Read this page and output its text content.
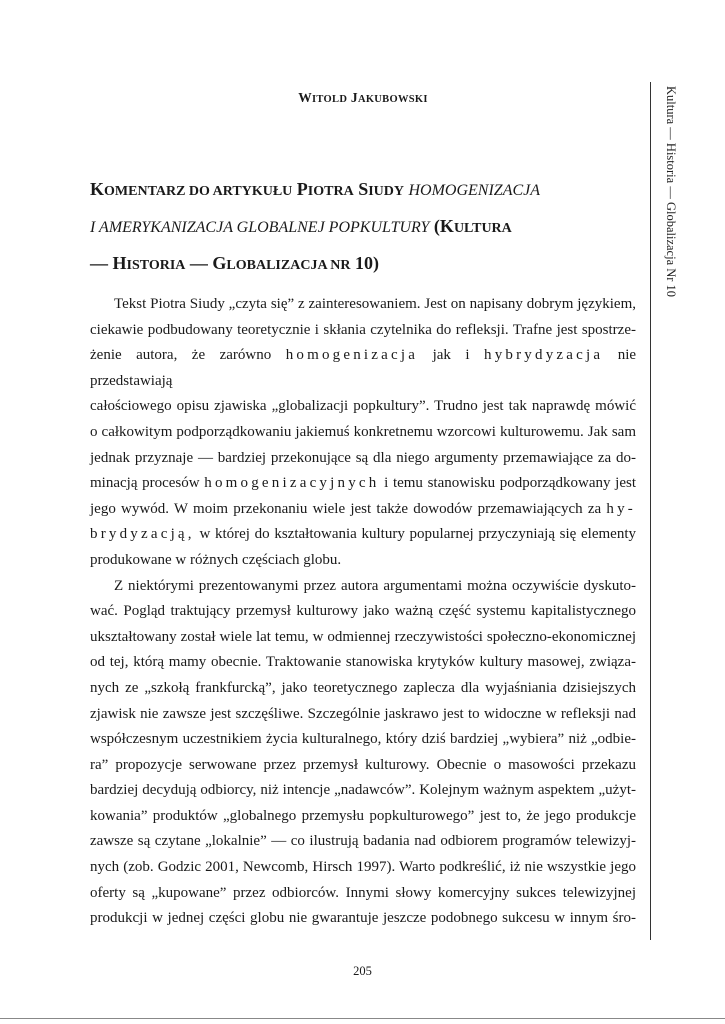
WITOLD JAKUBOWSKI
KOMENTARZ DO ARTYKUŁU PIOTRA SIUDY HOMOGENIZACJA
I AMERYKANIZACJA GLOBALNEJ POPKULTURY (KULTURA
— HISTORIA — GLOBALIZACJA NR 10)

Tekst Piotra Siudy „czyta się” z zainteresowaniem. Jest on napisany dobrym językiem,
ciekawie podbudowany teoretycznie i skłania czytelnika do refleksji. Trafne jest spostrze-
żenie autora, że zarówno homogenizacja jak i hybrydyzacja nie przedstawiają
całościowego opisu zjawiska „globalizacji popkultury”. Trudno jest tak naprawdę mówić
o całkowitym podporządkowaniu jakiemuś konkretnemu wzorcowi kulturowemu. Jak sam
jednak przyznaje — bardziej przekonujące są dla niego argumenty przemawiające za do-
minacją procesów homogenizacyjnych i temu stanowisku podporządkowany jest
jego wywód. W moim przekonaniu wiele jest także dowodów przemawiających za hy-
brydyzacją, w której do kształtowania kultury popularnej przyczyniają się elementy
produkowane w różnych częściach globu.

Z niektórymi prezentowanymi przez autora argumentami można oczywiście dyskuto-
wać. Pogląd traktujący przemysł kulturowy jako ważną część systemu kapitalistycznego
ukształtowany został wiele lat temu, w odmiennej rzeczywistości społeczno-ekonomicznej
od tej, którą mamy obecnie. Traktowanie stanowiska krytyków kultury masowej, związa-
nych ze „szkołą frankfurcką”, jako teoretycznego zaplecza dla wyjaśniania dzisiejszych
zjawisk nie zawsze jest szczęśliwe. Szczególnie jaskrawo jest to widoczne w refleksji nad
współczesnym uczestnikiem życia kulturalnego, który dziś bardziej „wybiera” niż „odbie-
ra” propozycje serwowane przez przemysł kulturowy. Obecnie o masowości przekazu
bardziej decydują odbiorcy, niż intencje „nadawców”. Kolejnym ważnym aspektem „użyt-
kowania” produktów „globalnego przemysłu popkulturowego” jest to, że jego produkcje
zawsze są czytane „lokalnie” — co ilustrują badania nad odbiorem programów telewizyj-
nych (zob. Godzic 2001, Newcomb, Hirsch 1997). Warto podkreślić, iż nie wszystkie jego
oferty są „kupowane” przez odbiorców. Innymi słowy komercyjny sukces telewizyjnej
produkcji w jednej części globu nie gwarantuje jeszcze podobnego sukcesu w innym śro-

Kultura — Historia — Globalizacja Nr 10
205
